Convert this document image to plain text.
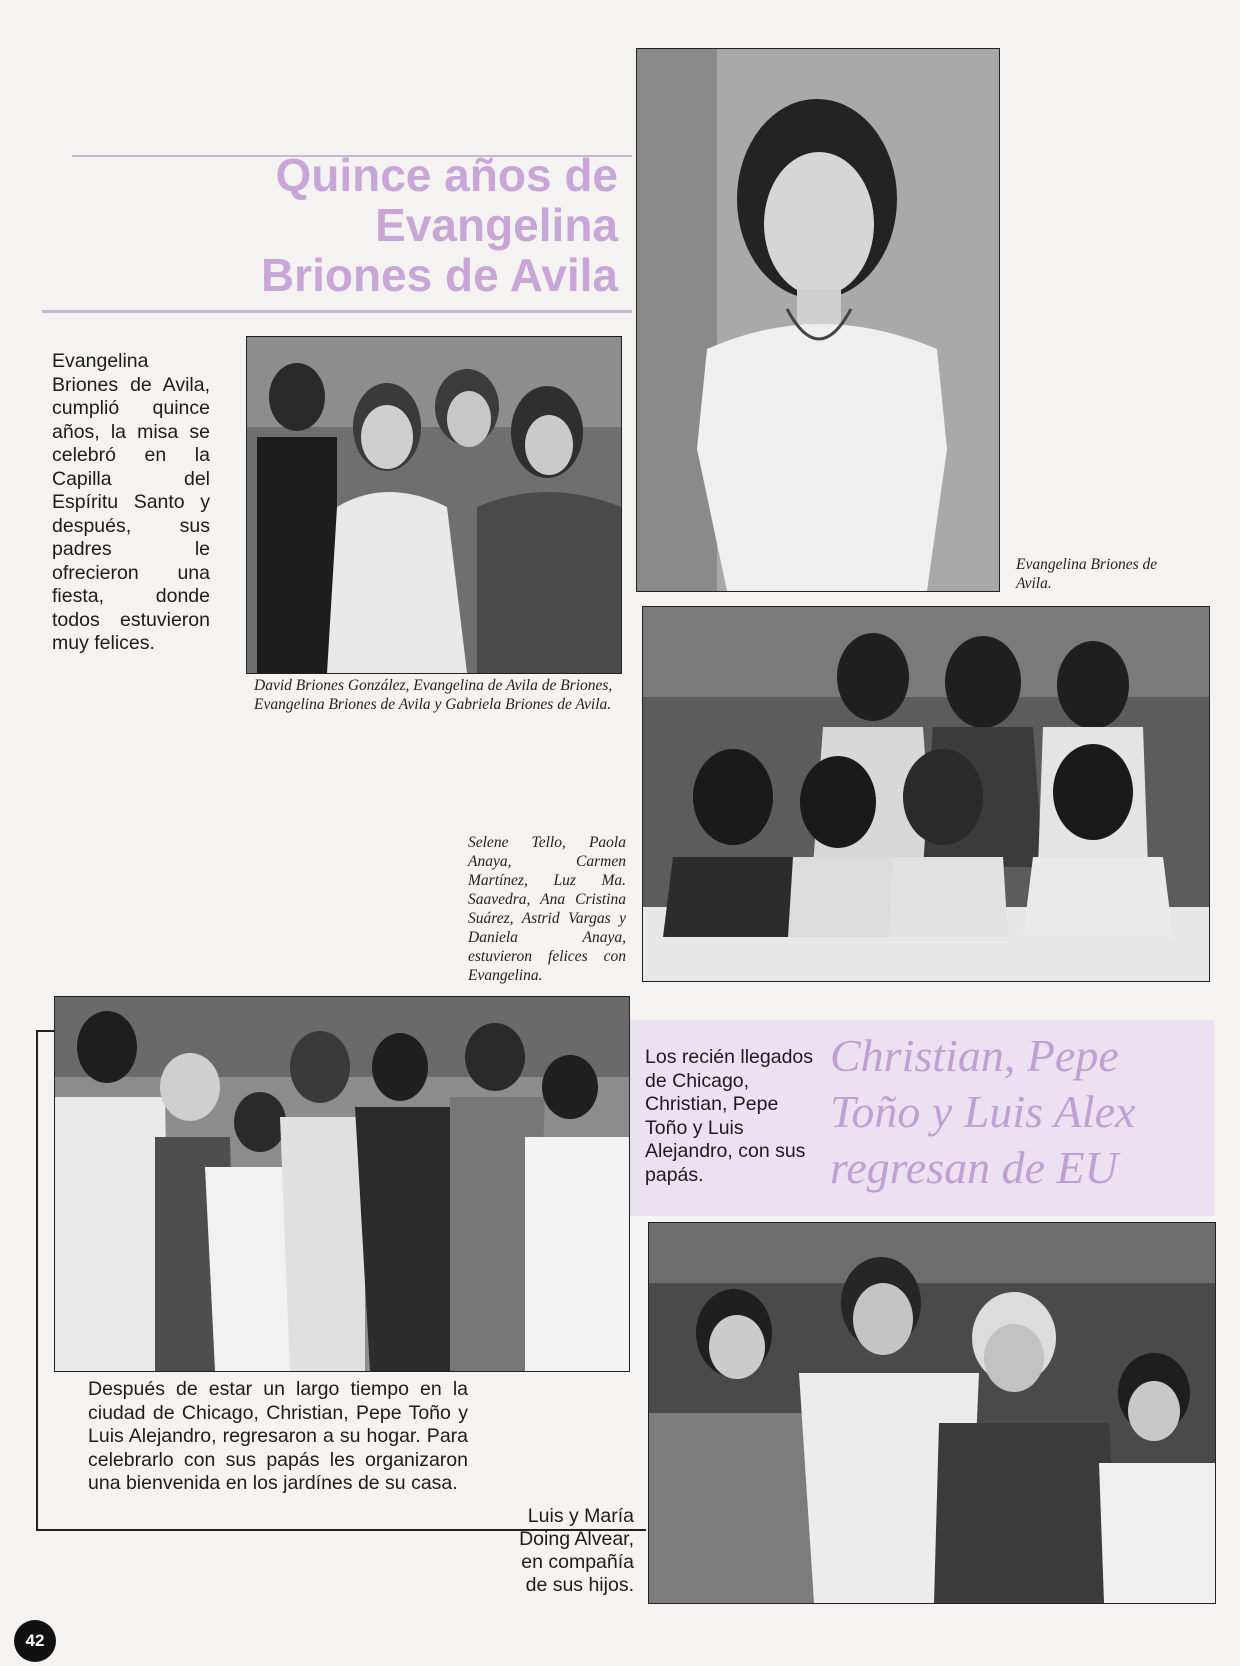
Quince años de
Evangelina
Briones de Avila
Evangelina Briones de Avila, cumplió quince años, la misa se celebró en la Capilla del Espíritu Santo y después, sus padres le ofrecieron una fiesta, donde todos estuvieron muy felices.
David Briones González, Evangelina de Avila de Briones, Evangelina Briones de Avila y Gabriela Briones de Avila.
Evangelina Briones de Avila.
Selene Tello, Paola Anaya, Carmen Martínez, Luz Ma. Saavedra, Ana Cristina Suárez, Astrid Vargas y Daniela Anaya, estuvieron felices con Evangelina.
Christian, Pepe
Toño y Luis Alex
regresan de EU
Los recién llegados de Chicago, Christian, Pepe Toño y Luis Alejandro, con sus papás.
Después de estar un largo tiempo en la ciudad de Chicago, Christian, Pepe Toño y Luis Alejandro, regresaron a su hogar. Para celebrarlo con sus papás les organizaron una bienvenida en los jardínes de su casa.
Luis y María Doing Alvear, en compañía de sus hijos.
42
